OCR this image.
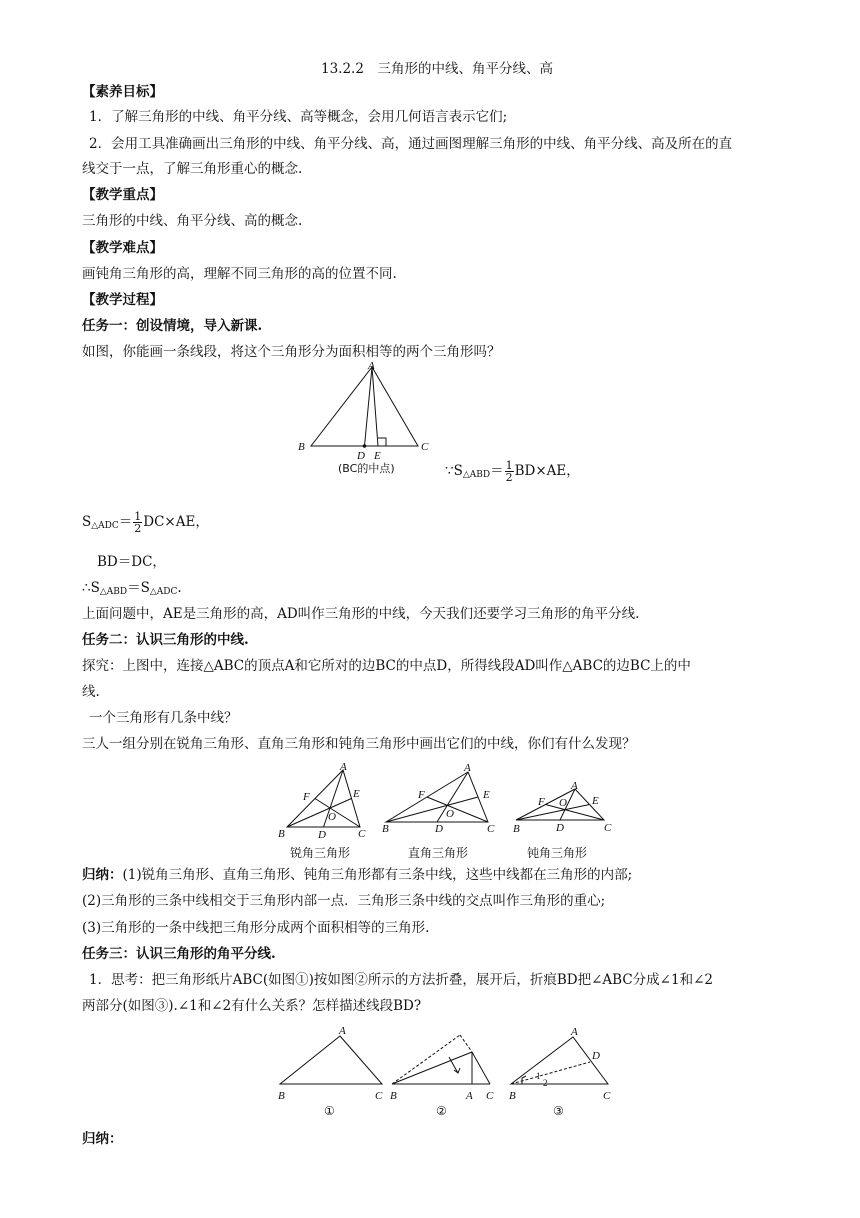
13.2.2　三角形的中线、角平分线、高
【素养目标】
1．了解三角形的中线、角平分线、高等概念，会用几何语言表示它们;
2．会用工具准确画出三角形的中线、角平分线、高，通过画图理解三角形的中线、角平分线、高及所在的直
线交于一点，了解三角形重心的概念.
【教学重点】
三角形的中线、角平分线、高的概念.
【教学难点】
画钝角三角形的高，理解不同三角形的高的位置不同.
【教学过程】
任务一：创设情境，导入新课.
如图，你能画一条线段，将这个三角形分为面积相等的两个三角形吗？
A
B	C
D E
(BC的中点)	$\because S_{\triangle ABD}= \frac{1}{2} BD\times AE$，
$S_{\triangle ADC}= \frac{1}{2} DC\times AE$，
BD＝DC，
$\therefore S_{\triangle ABD}=S_{\triangle ADC}$.
上面问题中，AE是三角形的高，AD叫作三角形的中线，今天我们还要学习三角形的角平分线.
任务二：认识三角形的中线.
探究：上图中，连接△ABC的顶点A和它所对的边BC的中点D，所得线段AD叫作△ABC的边BC上的中
线.
一个三角形有几条中线？
三人一组分别在锐角三角形、直角三角形和钝角三角形中画出它们的中线，你们有什么发现？
A
B	C
D
E
F
O
锐角三角形
A
B	C
D
E
F
O
直角三角形
A
B	C
D
E
F O
钝角三角形
归纳：(1)锐角三角形、直角三角形、钝角三角形都有三条中线，这些中线都在三角形的内部;
(2)三角形的三条中线相交于三角形内部一点．三角形三条中线的交点叫作三角形的重心;
(3)三角形的一条中线把三角形分成两个面积相等的三角形.
任务三：认识三角形的角平分线.
1．思考：把三角形纸片ABC(如图①)按如图②所示的方法折叠，展开后，折痕BD把∠ABC分成∠1和∠2
两部分(如图③).∠1和∠2有什么关系？怎样描述线段BD?
A
B	C
①
B	A C
②
A
B	C
D
1
2
③
归纳：
